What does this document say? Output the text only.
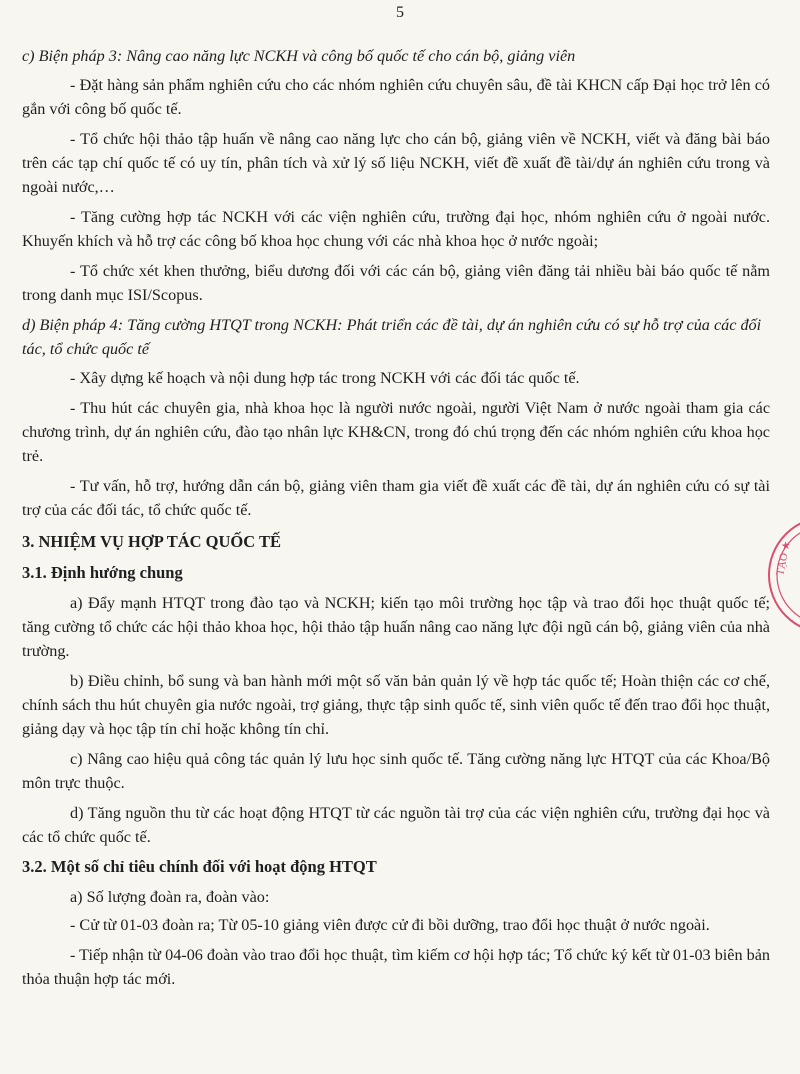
5

c) Biện pháp 3: Nâng cao năng lực NCKH và công bố quốc tế cho cán bộ, giảng viên

- Đặt hàng sản phẩm nghiên cứu cho các nhóm nghiên cứu chuyên sâu, đề tài KHCN cấp Đại học trở lên có gắn với công bố quốc tế.

- Tổ chức hội thảo tập huấn về nâng cao năng lực cho cán bộ, giảng viên về NCKH, viết và đăng bài báo trên các tạp chí quốc tế có uy tín, phân tích và xử lý số liệu NCKH, viết đề xuất đề tài/dự án nghiên cứu trong và ngoài nước,…

- Tăng cường hợp tác NCKH với các viện nghiên cứu, trường đại học, nhóm nghiên cứu ở ngoài nước. Khuyến khích và hỗ trợ các công bố khoa học chung với các nhà khoa học ở nước ngoài;

- Tổ chức xét khen thưởng, biểu dương đối với các cán bộ, giảng viên đăng tải nhiều bài báo quốc tế nằm trong danh mục ISI/Scopus.

d) Biện pháp 4: Tăng cường HTQT trong NCKH: Phát triển các đề tài, dự án nghiên cứu có sự hỗ trợ của các đối tác, tổ chức quốc tế

- Xây dựng kế hoạch và nội dung hợp tác trong NCKH với các đối tác quốc tế.

- Thu hút các chuyên gia, nhà khoa học là người nước ngoài, người Việt Nam ở nước ngoài tham gia các chương trình, dự án nghiên cứu, đào tạo nhân lực KH&CN, trong đó chú trọng đến các nhóm nghiên cứu khoa học trẻ.

- Tư vấn, hỗ trợ, hướng dẫn cán bộ, giảng viên tham gia viết đề xuất các đề tài, dự án nghiên cứu có sự tài trợ của các đối tác, tổ chức quốc tế.

3. NHIỆM VỤ HỢP TÁC QUỐC TẾ

3.1. Định hướng chung

a) Đẩy mạnh HTQT trong đào tạo và NCKH; kiến tạo môi trường học tập và trao đổi học thuật quốc tế; tăng cường tổ chức các hội thảo khoa học, hội thảo tập huấn nâng cao năng lực đội ngũ cán bộ, giảng viên của nhà trường.

b) Điều chỉnh, bổ sung và ban hành mới một số văn bản quản lý về hợp tác quốc tế; Hoàn thiện các cơ chế, chính sách thu hút chuyên gia nước ngoài, trợ giảng, thực tập sinh quốc tế, sinh viên quốc tế đến trao đổi học thuật, giảng dạy và học tập tín chỉ hoặc không tín chỉ.

c) Nâng cao hiệu quả công tác quản lý lưu học sinh quốc tế. Tăng cường năng lực HTQT của các Khoa/Bộ môn trực thuộc.

d) Tăng nguồn thu từ các hoạt động HTQT từ các nguồn tài trợ của các viện nghiên cứu, trường đại học và các tổ chức quốc tế.

3.2. Một số chỉ tiêu chính đối với hoạt động HTQT

a) Số lượng đoàn ra, đoàn vào:

- Cử từ 01-03 đoàn ra; Từ 05-10 giảng viên được cử đi bồi dưỡng, trao đổi học thuật ở nước ngoài.

- Tiếp nhận từ 04-06 đoàn vào trao đổi học thuật, tìm kiếm cơ hội hợp tác; Tổ chức ký kết từ 01-03 biên bản thỏa thuận hợp tác mới.

TẠO ★
